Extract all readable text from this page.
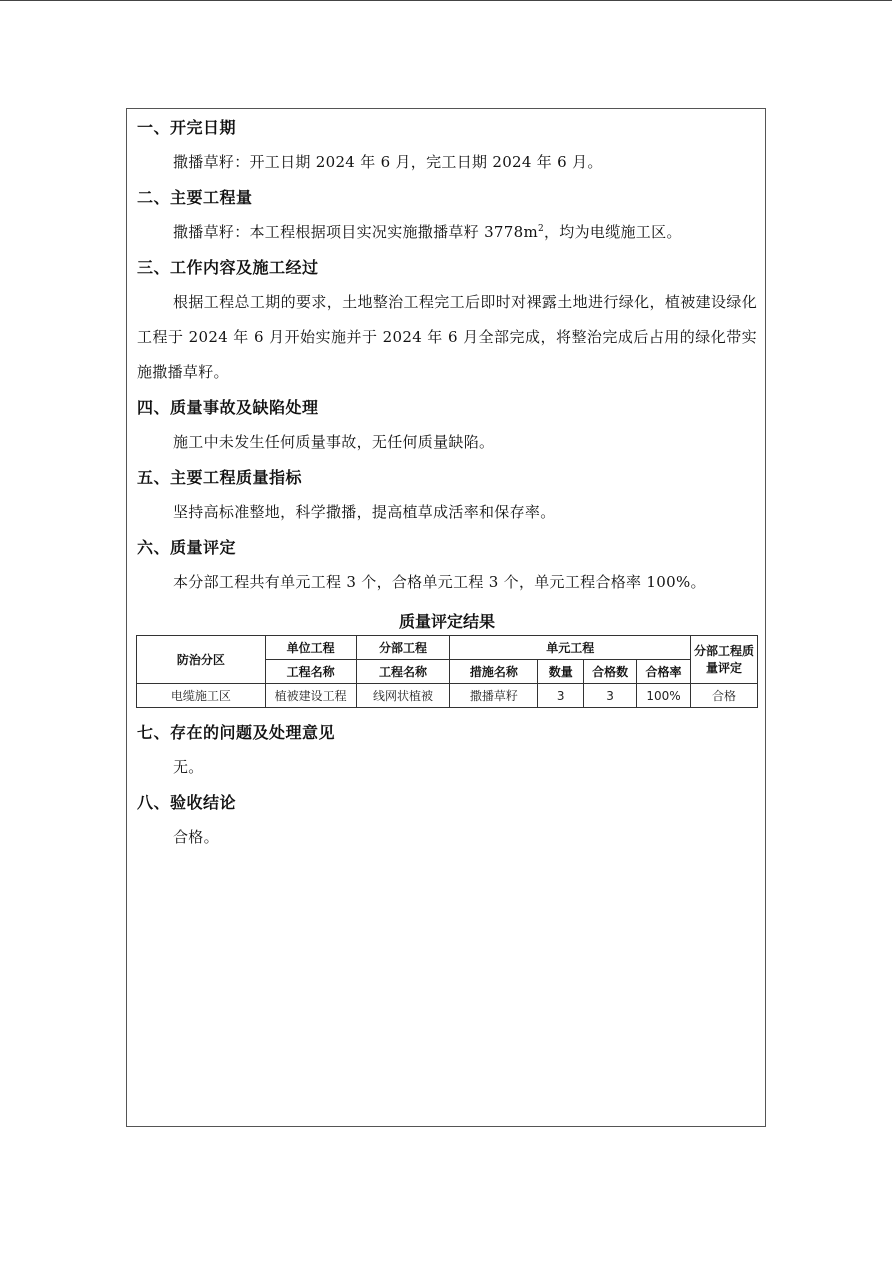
一、开完日期
撒播草籽：开工日期 2024 年 6 月，完工日期 2024 年 6 月。
二、主要工程量
撒播草籽：本工程根据项目实况实施撒播草籽 $3778m^2$，均为电缆施工区。
三、工作内容及施工经过
根据工程总工期的要求，土地整治工程完工后即时对裸露土地进行绿化，植被建设绿化工程于 2024 年 6 月开始实施并于 2024 年 6 月全部完成，将整治完成后占用的绿化带实施撒播草籽。
四、质量事故及缺陷处理
施工中未发生任何质量事故，无任何质量缺陷。
五、主要工程质量指标
坚持高标准整地，科学撒播，提高植草成活率和保存率。
六、质量评定
本分部工程共有单元工程 3 个，合格单元工程 3 个，单元工程合格率 100%。
质量评定结果
防治分区	单位工程	分部工程	单元工程				分部工程质量评定
	工程名称	工程名称	措施名称	数量	合格数	合格率	
电缆施工区	植被建设工程	线网状植被	撒播草籽	3	3	100%	合格
七、存在的问题及处理意见
无。
八、验收结论
合格。
